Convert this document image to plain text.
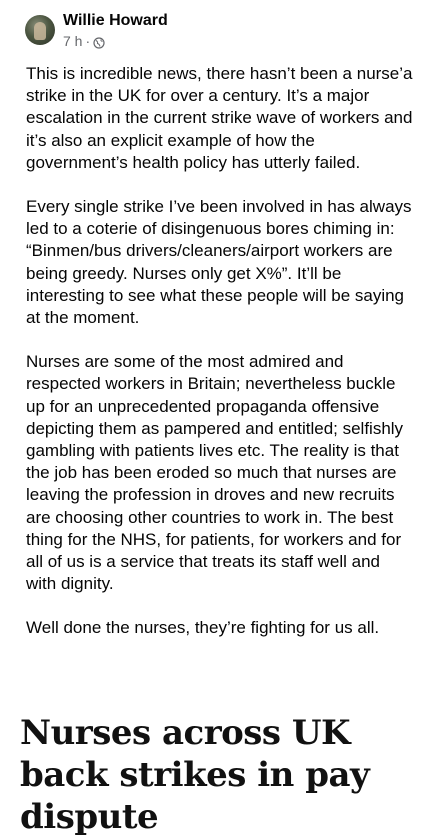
Willie Howard
7 h ·

This is incredible news, there hasn’t been a nurse’a strike in the UK for over a century. It’s a major escalation in the current strike wave of workers and it’s also an explicit example of how the government’s health policy has utterly failed.

Every single strike I’ve been involved in has always led to a coterie of disingenuous bores chiming in: “Binmen/bus drivers/cleaners/airport workers are being greedy. Nurses only get X%”. It’ll be interesting to see what these people will be saying at the moment.

Nurses are some of the most admired and respected workers in Britain; nevertheless buckle up for an unprecedented propaganda offensive depicting them as pampered and entitled; selfishly gambling with patients lives etc. The reality is that the job has been eroded so much that nurses are leaving the profession in droves and new recruits are choosing other countries to work in. The best thing for the NHS, for patients, for workers and for all of us is a service that treats its staff well and with dignity.

Well done the nurses, they’re fighting for us all.

Nurses across UK back strikes in pay dispute
